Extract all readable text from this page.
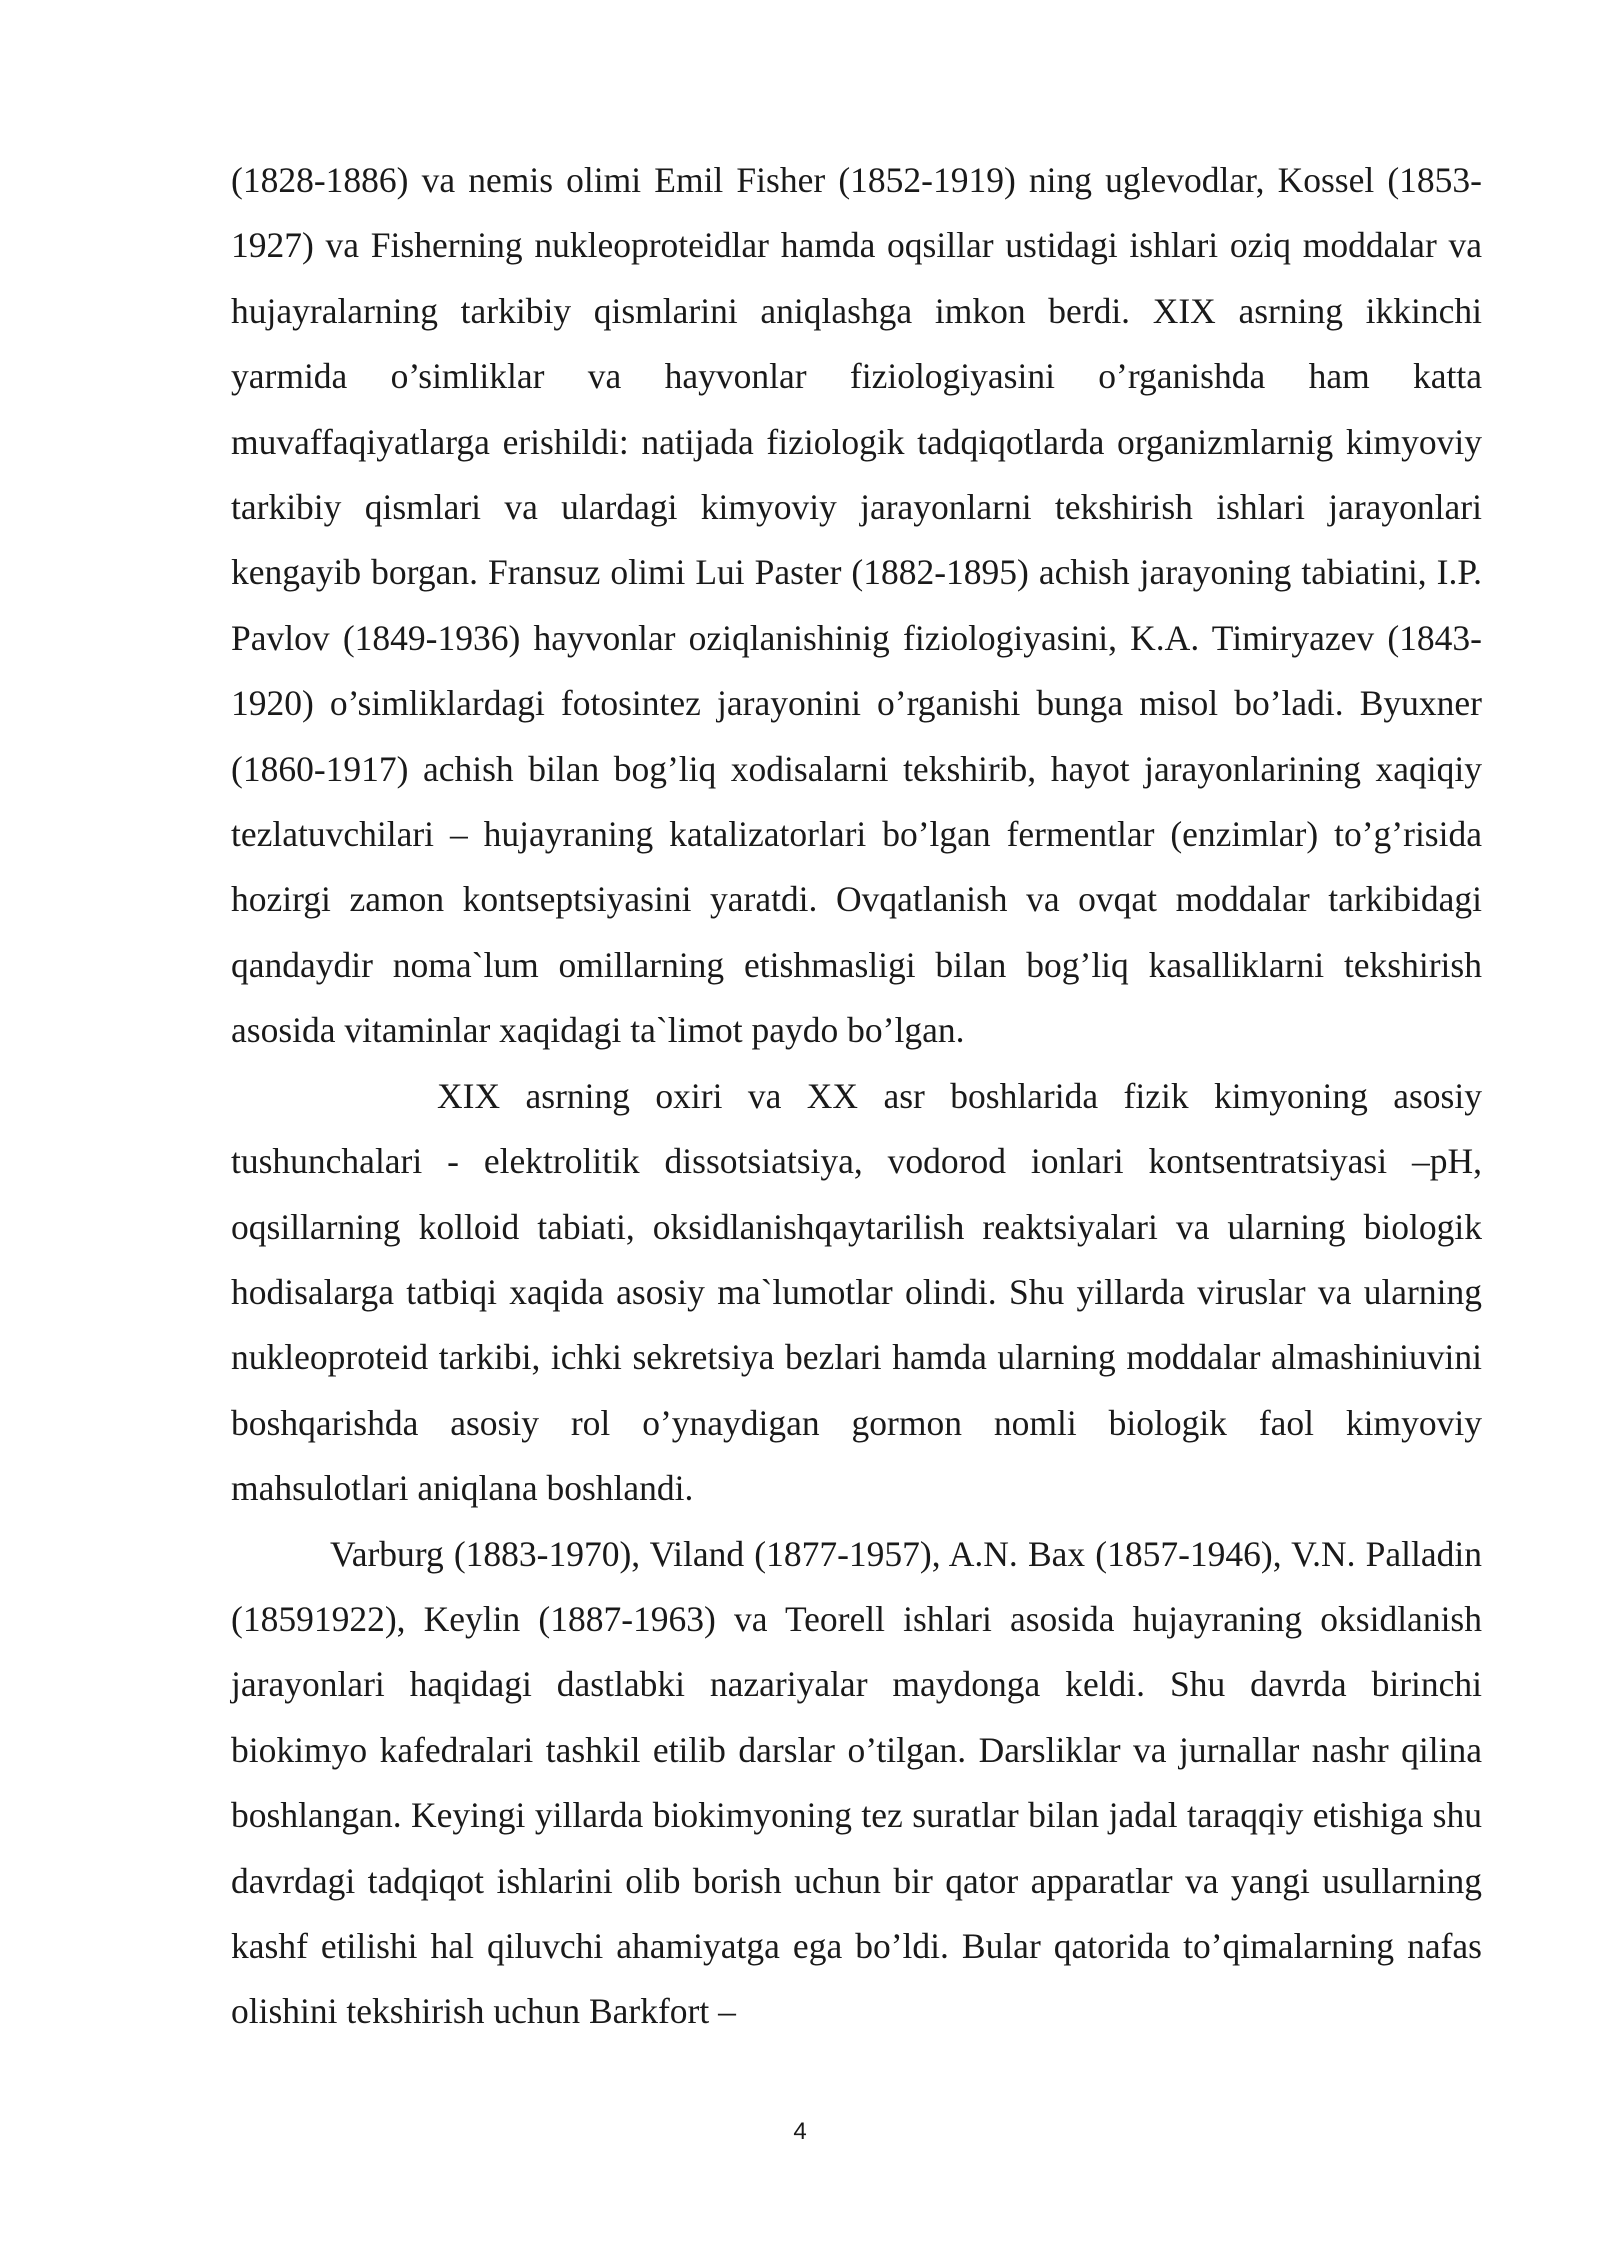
(1828-1886) va nemis olimi Emil Fisher (1852-1919) ning uglevodlar, Kossel (1853-1927) va Fisherning nukleoproteidlar hamda oqsillar ustidagi ishlari oziq moddalar va hujayralarning tarkibiy qismlarini aniqlashga imkon berdi. XIX asrning ikkinchi yarmida o’simliklar va hayvonlar fiziologiyasini o’rganishda ham katta muvaffaqiyatlarga erishildi: natijada fiziologik tadqiqotlarda organizmlarnig kimyoviy tarkibiy qismlari va ulardagi kimyoviy jarayonlarni tekshirish ishlari jarayonlari kengayib borgan. Fransuz olimi Lui Paster (1882-1895) achish jarayoning tabiatini, I.P. Pavlov (1849-1936) hayvonlar oziqlanishinig fiziologiyasini, K.A. Timiryazev (1843- 1920) o’simliklardagi fotosintez jarayonini o’rganishi bunga misol bo’ladi. Byuxner (1860-1917) achish bilan bog’liq xodisalarni tekshirib, hayot jarayonlarining xaqiqiy tezlatuvchilari – hujayraning katalizatorlari bo’lgan fermentlar (enzimlar) to’g’risida hozirgi zamon kontseptsiyasini yaratdi. Ovqatlanish va ovqat moddalar tarkibidagi qandaydir noma`lum omillarning etishmasligi bilan bog’liq kasalliklarni tekshirish asosida vitaminlar xaqidagi ta`limot paydo bo’lgan.

XIX asrning oxiri va XX asr boshlarida fizik kimyoning asosiy tushunchalari - elektrolitik dissotsiatsiya, vodorod ionlari kontsentratsiyasi –pH, oqsillarning kolloid tabiati, oksidlanishqaytarilish reaktsiyalari va ularning biologik hodisalarga tatbiqi xaqida asosiy ma`lumotlar olindi. Shu yillarda viruslar va ularning nukleoproteid tarkibi, ichki sekretsiya bezlari hamda ularning moddalar almashiniuvini boshqarishda asosiy rol o’ynaydigan gormon nomli biologik faol kimyoviy mahsulotlari aniqlana boshlandi.

Varburg (1883-1970), Viland (1877-1957), A.N. Bax (1857-1946), V.N. Palladin (18591922), Keylin (1887-1963) va Teorell ishlari asosida hujayraning oksidlanish jarayonlari haqidagi dastlabki nazariyalar maydonga keldi. Shu davrda birinchi biokimyo kafedralari tashkil etilib darslar o’tilgan. Darsliklar va jurnallar nashr qilina boshlangan. Keyingi yillarda biokimyoning tez suratlar bilan jadal taraqqiy etishiga shu davrdagi tadqiqot ishlarini olib borish uchun bir qator apparatlar va yangi usullarning kashf etilishi hal qiluvchi ahamiyatga ega bo’ldi. Bular qatorida to’qimalarning nafas olishini tekshirish uchun Barkfort –

4
